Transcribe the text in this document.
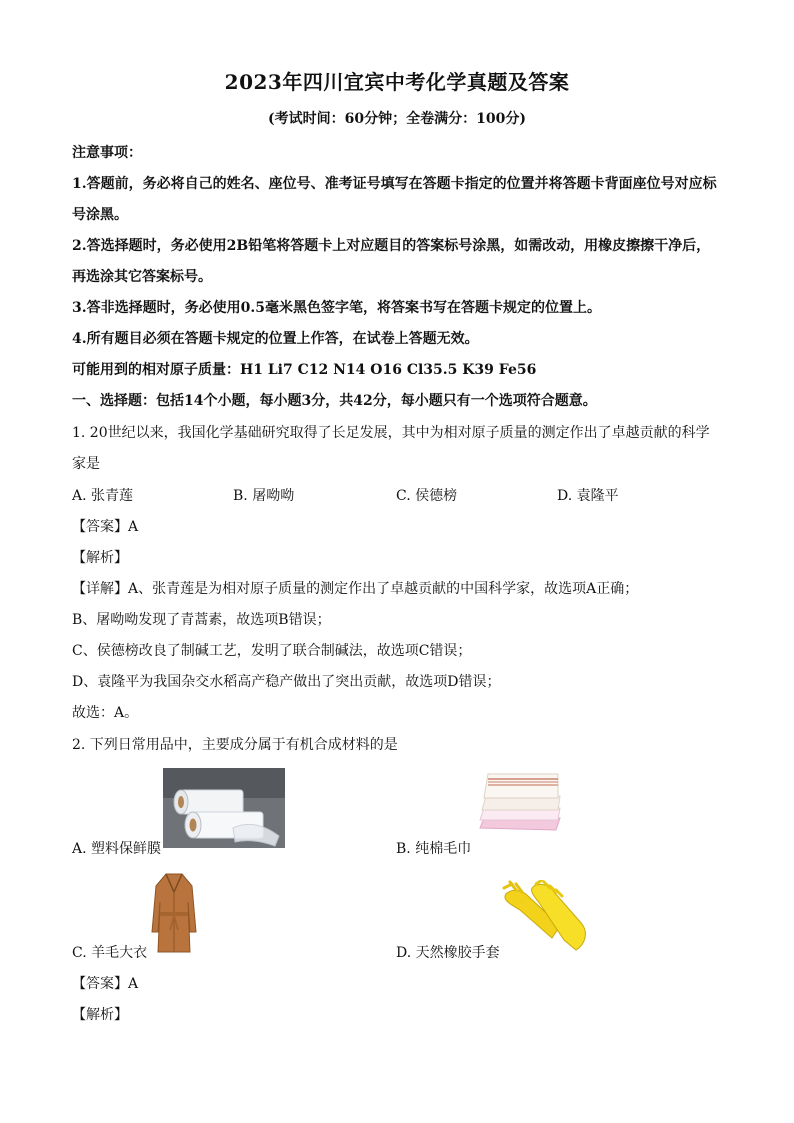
2023年四川宜宾中考化学真题及答案
(考试时间：60分钟；全卷满分：100分)
注意事项：
1.答题前，务必将自己的姓名、座位号、准考证号填写在答题卡指定的位置并将答题卡背面座位号对应标
号涂黑。
2.答选择题时，务必使用2B铅笔将答题卡上对应题目的答案标号涂黑，如需改动，用橡皮擦擦干净后，
再选涂其它答案标号。
3.答非选择题时，务必使用0.5毫米黑色签字笔，将答案书写在答题卡规定的位置上。
4.所有题目必须在答题卡规定的位置上作答，在试卷上答题无效。
可能用到的相对原子质量：H1 Li7 C12 N14 O16 Cl35.5 K39 Fe56
一、选择题：包括14个小题，每小题3分，共42分，每小题只有一个选项符合题意。
1. 20世纪以来，我国化学基础研究取得了长足发展，其中为相对原子质量的测定作出了卓越贡献的科学
家是
A. 张青莲	B. 屠呦呦	C. 侯德榜	D. 袁隆平
【答案】A
【解析】
【详解】A、张青莲是为相对原子质量的测定作出了卓越贡献的中国科学家，故选项A正确；
B、屠呦呦发现了青蒿素，故选项B错误；
C、侯德榜改良了制碱工艺，发明了联合制碱法，故选项C错误；
D、袁隆平为我国杂交水稻高产稳产做出了突出贡献，故选项D错误；
故选：A。
2. 下列日常用品中，主要成分属于有机合成材料的是
A. 塑料保鲜膜	B. 纯棉毛巾
C. 羊毛大衣	D. 天然橡胶手套
【答案】A
【解析】
